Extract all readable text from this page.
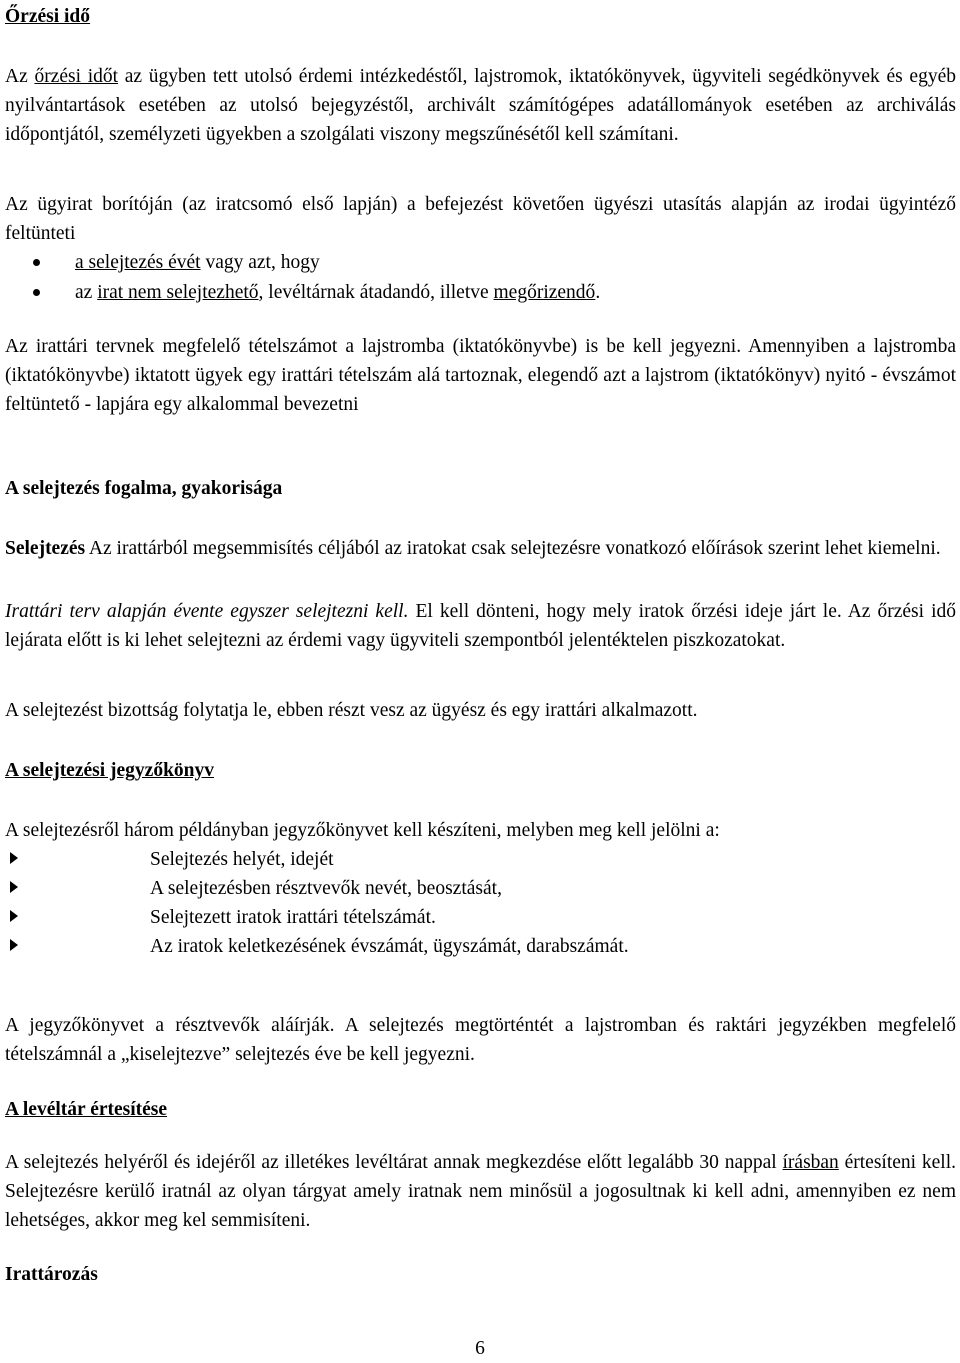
Őrzési idő
Az őrzési időt az ügyben tett utolsó érdemi intézkedéstől, lajstromok, iktatókönyvek, ügyviteli segédkönyvek és egyéb nyilvántartások esetében az utolsó bejegyzéstől, archivált számítógépes adatállományok esetében az archiválás időpontjától, személyzeti ügyekben a szolgálati viszony megszűnésétől kell számítani.
Az ügyirat borítóján (az iratcsomó első lapján) a befejezést követően ügyészi utasítás alapján az irodai ügyintéző feltünteti
a selejtezés évét vagy azt, hogy
az irat nem selejtezhető, levéltárnak átadandó, illetve megőrizendő.
Az irattári tervnek megfelelő tételszámot a lajstromba (iktatókönyvbe) is be kell jegyezni. Amennyiben a lajstromba (iktatókönyvbe) iktatott ügyek egy irattári tételszám alá tartoznak, elegendő azt a lajstrom (iktatókönyv) nyitó - évszámot feltüntető - lapjára egy alkalommal bevezetni
A selejtezés fogalma, gyakorisága
Selejtezés Az irattárból megsemmisítés céljából az iratokat csak selejtezésre vonatkozó előírások szerint lehet kiemelni.
Irattári terv alapján évente egyszer selejtezni kell. El kell dönteni, hogy mely iratok őrzési ideje járt le. Az őrzési idő lejárata előtt is ki lehet selejtezni az érdemi vagy ügyviteli szempontból jelentéktelen piszkozatokat.
A selejtezést bizottság folytatja le, ebben részt vesz az ügyész és egy irattári alkalmazott.
A selejtezési jegyzőkönyv
A selejtezésről három példányban jegyzőkönyvet kell készíteni, melyben meg kell jelölni a:
Selejtezés helyét, idejét
A selejtezésben résztvevők nevét, beosztását,
Selejtezett iratok irattári tételszámát.
Az iratok keletkezésének évszámát, ügyszámát, darabszámát.
A jegyzőkönyvet a résztvevők aláírják. A selejtezés megtörténtét a lajstromban és raktári jegyzékben megfelelő tételszámnál a „kiselejtezve” selejtezés éve be kell jegyezni.
A levéltár értesítése
A selejtezés helyéről és idejéről az illetékes levéltárat annak megkezdése előtt legalább 30 nappal írásban értesíteni kell. Selejtezésre kerülő iratnál az olyan tárgyat amely iratnak nem minősül a jogosultnak ki kell adni, amennyiben ez nem lehetséges, akkor meg kel semmisíteni.
Irattározás
6
